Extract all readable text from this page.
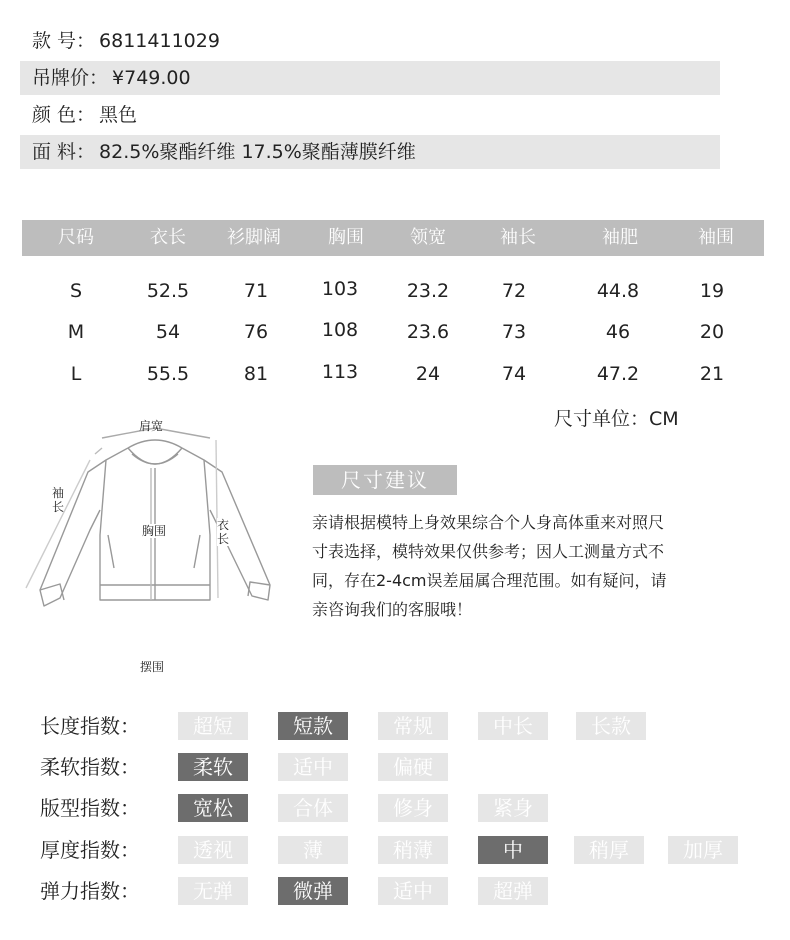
款 号： 6811411029
吊牌价： ¥749.00
颜 色： 黑色
面 料： 82.5%聚酯纤维 17.5%聚酯薄膜纤维
尺码	衣长	衫脚阔	胸围	领宽	袖长	袖肥	袖围
S	52.5	71	103	23.2	72	44.8	19
M	54	76	108	23.6	73	46	20
L	55.5	81	113	24	74	47.2	21
尺寸单位：CM
肩宽
袖
长
胸围	衣
长
摆围
尺寸建议
亲请根据模特上身效果综合个人身高体重来对照尺
寸表选择，模特效果仅供参考；因人工测量方式不
同，存在2-4cm误差届属合理范围。如有疑问，请
亲咨询我们的客服哦！
长度指数：	超短	短款	常规	中长	长款
柔软指数：	柔软	适中	偏硬
版型指数：	宽松	合体	修身	紧身
厚度指数：	透视	薄	稍薄	中	稍厚	加厚
弹力指数：	无弹	微弹	适中	超弹
